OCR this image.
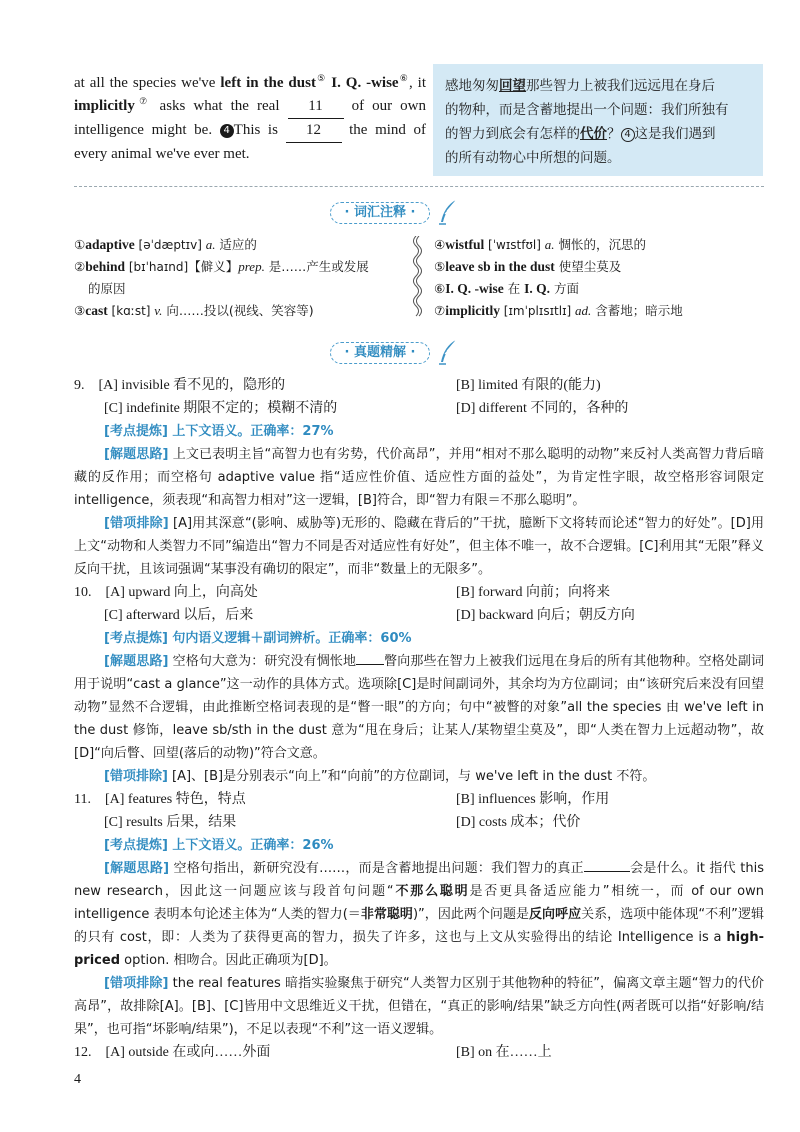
at all the species we've left in the dust⑤ I. Q. -wise⑥, it implicitly⑦ asks what the real 11 of our own intelligence might be. 4 This is 12 the mind of every animal we've ever met.
感地匆匆回望那些智力上被我们远远甩在身后
的物种，而是含蓄地提出一个问题：我们所独有
的智力到底会有怎样的代价？ 4 这是我们遇到
的所有动物心中所想的问题。
· 词汇注释 ·
①adaptive [əˈdæptɪv] a. 适应的
②behind [bɪˈhaɪnd]【僻义】prep. 是……产生或发展
的原因
③cast [kɑːst] v. 向……投以(视线、笑容等)
④wistful [ˈwɪstfʊl] a. 惆怅的，沉思的
⑤leave sb in the dust 使望尘莫及
⑥I. Q. -wise 在 I. Q. 方面
⑦implicitly [ɪmˈplɪsɪtlɪ] ad. 含蓄地；暗示地
· 真题精解 ·
9.　[A] invisible 看不见的，隐形的	[B] limited 有限的(能力)
[C] indefinite 期限不定的；模糊不清的	[D] different 不同的，各种的
[考点提炼] 上下文语义。正确率：27%
[解题思路] 上文已表明主旨“高智力也有劣势，代价高昂”，并用“相对不那么聪明的动物”来反衬人类高智力背后暗藏的反作用；而空格句 adaptive value 指“适应性价值、适应性方面的益处”，为肯定性字眼，故空格形容词限定 intelligence，须表现“和高智力相对”这一逻辑，[B]符合，即“智力有限＝不那么聪明”。
[错项排除] [A]用其深意“(影响、威胁等)无形的、隐藏在背后的”干扰，臆断下文将转而论述“智力的好处”。[D]用上文“动物和人类智力不同”编造出“智力不同是否对适应性有好处”，但主体不唯一，故不合逻辑。[C]利用其“无限”释义反向干扰，且该词强调“某事没有确切的限定”，而非“数量上的无限多”。
10.　[A] upward 向上，向高处	[B] forward 向前；向将来
[C] afterward 以后，后来	[D] backward 向后；朝反方向
[考点提炼] 句内语义逻辑＋副词辨析。正确率：60%
[解题思路] 空格句大意为：研究没有惆怅地 瞥向那些在智力上被我们远甩在身后的所有其他物种。空格处副词用于说明“cast a glance”这一动作的具体方式。选项除[C]是时间副词外，其余均为方位副词；由“该研究后来没有回望动物”显然不合逻辑，由此推断空格词表现的是“瞥一眼”的方向；句中“被瞥的对象”all the species 由 we've left in the dust 修饰，leave sb/sth in the dust 意为“甩在身后；让某人/某物望尘莫及”，即“人类在智力上远超动物”，故[D]“向后瞥、回望(落后的动物)”符合文意。
[错项排除] [A]、[B]是分别表示“向上”和“向前”的方位副词，与 we've left in the dust 不符。
11.　[A] features 特色，特点	[B] influences 影响，作用
[C] results 后果，结果	[D] costs 成本；代价
[考点提炼] 上下文语义。正确率：26%
[解题思路] 空格句指出，新研究没有……，而是含蓄地提出问题：我们智力的真正	会是什么。it 指代 this new research，因此这一问题应该与段首句问题“不那么聪明是否更具备适应能力”相统一，而 of our own intelligence 表明本句论述主体为“人类的智力(＝非常聪明)”，因此两个问题是反向呼应关系，选项中能体现“不利”逻辑的只有 cost，即：人类为了获得更高的智力，损失了许多，这也与上文从实验得出的结论 Intelligence is a high-priced option. 相吻合。因此正确项为[D]。
[错项排除] the real features 暗指实验聚焦于研究“人类智力区别于其他物种的特征”，偏离文章主题“智力的代价高昂”，故排除[A]。[B]、[C]皆用中文思维近义干扰，但错在，“真正的影响/结果”缺乏方向性(两者既可以指“好影响/结果”，也可指“坏影响/结果”)，不足以表现“不利”这一语义逻辑。
12.　[A] outside 在或向……外面	[B] on 在……上
4
